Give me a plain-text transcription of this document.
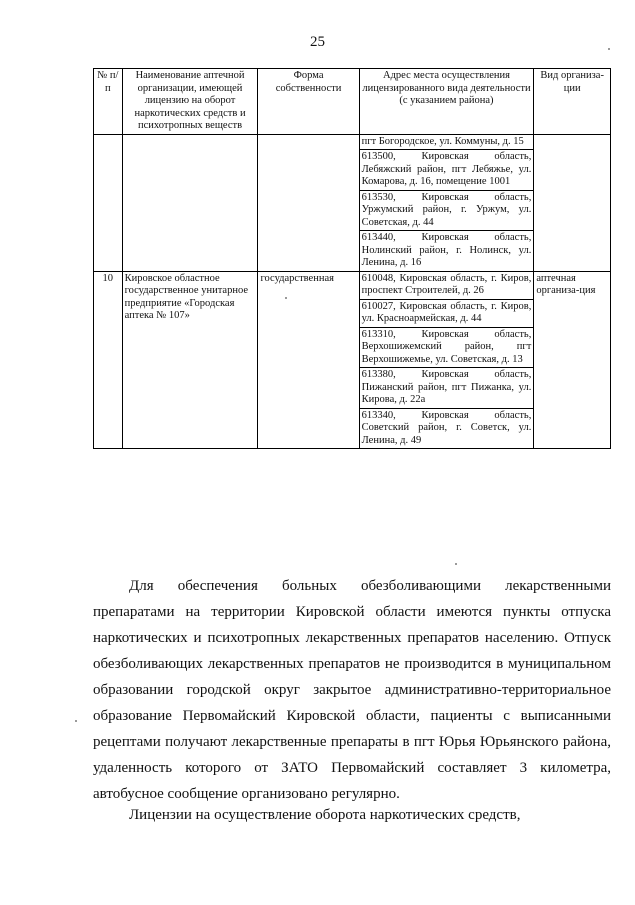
25
№ п/п	Наименование аптечной организации, имеющей лицензию на оборот наркотических средств и психотропных веществ	Форма собственности	Адрес места осуществления лицензированного вида деятельности (с указанием района)	Вид организа-ции
			пгт Богородское, ул. Коммуны, д. 15	
			613500, Кировская область, Лебяжский район, пгт Лебяжье, ул. Комарова, д. 16, помещение 1001	
			613530, Кировская область, Уржумский район, г. Уржум, ул. Советская, д. 44	
			613440, Кировская область, Нолинский район, г. Нолинск, ул. Ленина, д. 16	
10	Кировское областное государственное унитарное предприятие «Городская аптека № 107»	государственная	610048, Кировская область, г. Киров, проспект Строителей, д. 26	аптечная организа-ция
			610027, Кировская область, г. Киров, ул. Красноармейская, д. 44	
			613310, Кировская область, Верхошижемский район, пгт Верхошижемье, ул. Советская, д. 13	
			613380, Кировская область, Пижанский район, пгт Пижанка, ул. Кирова, д. 22а	
			613340, Кировская область, Советский район, г. Советск, ул. Ленина, д. 49	

Для обеспечения больных обезболивающими лекарственными препаратами на территории Кировской области имеются пункты отпуска наркотических и психотропных лекарственных препаратов населению. Отпуск обезболивающих лекарственных препаратов не производится в муниципальном образовании городской округ закрытое административно-территориальное образование Первомайский Кировской области, пациенты с выписанными рецептами получают лекарственные препараты в пгт Юрья Юрьянского района, удаленность которого от ЗАТО Первомайский составляет 3 километра, автобусное сообщение организовано регулярно.

Лицензии на осуществление оборота наркотических средств,
